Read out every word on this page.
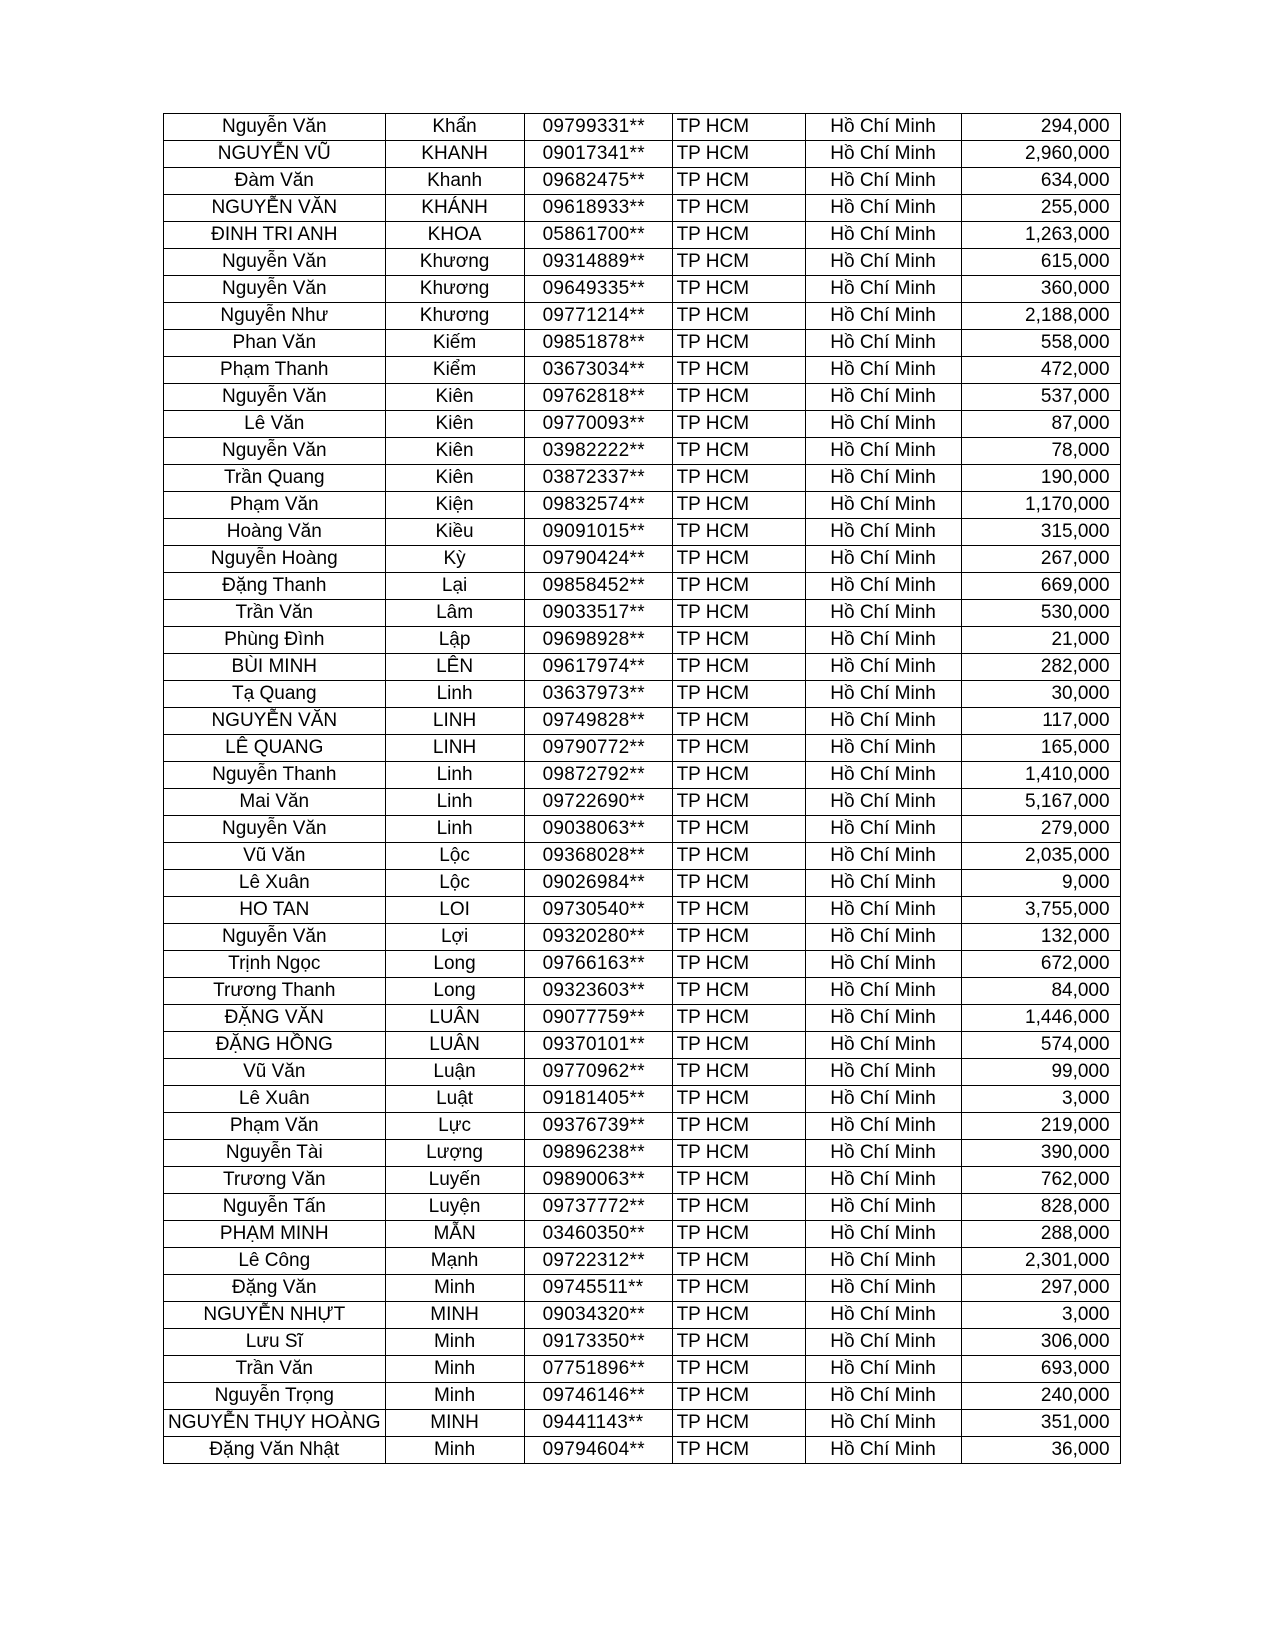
Nguyễn Văn	Khẩn	09799331**	TP HCM	Hồ Chí Minh	294,000
NGUYỄN VŨ	KHANH	09017341**	TP HCM	Hồ Chí Minh	2,960,000
Đàm Văn	Khanh	09682475**	TP HCM	Hồ Chí Minh	634,000
NGUYỄN VĂN	KHÁNH	09618933**	TP HCM	Hồ Chí Minh	255,000
ĐINH TRI ANH	KHOA	05861700**	TP HCM	Hồ Chí Minh	1,263,000
Nguyễn Văn	Khương	09314889**	TP HCM	Hồ Chí Minh	615,000
Nguyễn Văn	Khương	09649335**	TP HCM	Hồ Chí Minh	360,000
Nguyễn Như	Khương	09771214**	TP HCM	Hồ Chí Minh	2,188,000
Phan Văn	Kiếm	09851878**	TP HCM	Hồ Chí Minh	558,000
Phạm Thanh	Kiểm	03673034**	TP HCM	Hồ Chí Minh	472,000
Nguyễn Văn	Kiên	09762818**	TP HCM	Hồ Chí Minh	537,000
Lê Văn	Kiên	09770093**	TP HCM	Hồ Chí Minh	87,000
Nguyễn Văn	Kiên	03982222**	TP HCM	Hồ Chí Minh	78,000
Trần Quang	Kiên	03872337**	TP HCM	Hồ Chí Minh	190,000
Phạm Văn	Kiện	09832574**	TP HCM	Hồ Chí Minh	1,170,000
Hoàng Văn	Kiều	09091015**	TP HCM	Hồ Chí Minh	315,000
Nguyễn Hoàng	Kỳ	09790424**	TP HCM	Hồ Chí Minh	267,000
Đặng Thanh	Lại	09858452**	TP HCM	Hồ Chí Minh	669,000
Trần Văn	Lâm	09033517**	TP HCM	Hồ Chí Minh	530,000
Phùng Đình	Lập	09698928**	TP HCM	Hồ Chí Minh	21,000
BÙI MINH	LÊN	09617974**	TP HCM	Hồ Chí Minh	282,000
Tạ Quang	Linh	03637973**	TP HCM	Hồ Chí Minh	30,000
NGUYỄN VĂN	LINH	09749828**	TP HCM	Hồ Chí Minh	117,000
LÊ QUANG	LINH	09790772**	TP HCM	Hồ Chí Minh	165,000
Nguyễn Thanh	Linh	09872792**	TP HCM	Hồ Chí Minh	1,410,000
Mai Văn	Linh	09722690**	TP HCM	Hồ Chí Minh	5,167,000
Nguyễn Văn	Linh	09038063**	TP HCM	Hồ Chí Minh	279,000
Vũ Văn	Lộc	09368028**	TP HCM	Hồ Chí Minh	2,035,000
Lê Xuân	Lộc	09026984**	TP HCM	Hồ Chí Minh	9,000
HO TAN	LOI	09730540**	TP HCM	Hồ Chí Minh	3,755,000
Nguyễn Văn	Lợi	09320280**	TP HCM	Hồ Chí Minh	132,000
Trịnh Ngọc	Long	09766163**	TP HCM	Hồ Chí Minh	672,000
Trương Thanh	Long	09323603**	TP HCM	Hồ Chí Minh	84,000
ĐẶNG VĂN	LUÂN	09077759**	TP HCM	Hồ Chí Minh	1,446,000
ĐẶNG HỒNG	LUÂN	09370101**	TP HCM	Hồ Chí Minh	574,000
Vũ Văn	Luận	09770962**	TP HCM	Hồ Chí Minh	99,000
Lê Xuân	Luật	09181405**	TP HCM	Hồ Chí Minh	3,000
Phạm Văn	Lực	09376739**	TP HCM	Hồ Chí Minh	219,000
Nguyễn Tài	Lượng	09896238**	TP HCM	Hồ Chí Minh	390,000
Trương Văn	Luyến	09890063**	TP HCM	Hồ Chí Minh	762,000
Nguyễn Tấn	Luyện	09737772**	TP HCM	Hồ Chí Minh	828,000
PHẠM MINH	MẪN	03460350**	TP HCM	Hồ Chí Minh	288,000
Lê Công	Mạnh	09722312**	TP HCM	Hồ Chí Minh	2,301,000
Đặng Văn	Minh	09745511**	TP HCM	Hồ Chí Minh	297,000
NGUYỄN NHỰT	MINH	09034320**	TP HCM	Hồ Chí Minh	3,000
Lưu Sĩ	Minh	09173350**	TP HCM	Hồ Chí Minh	306,000
Trần Văn	Minh	07751896**	TP HCM	Hồ Chí Minh	693,000
Nguyễn Trọng	Minh	09746146**	TP HCM	Hồ Chí Minh	240,000
NGUYỄN THỤY HOÀNG	MINH	09441143**	TP HCM	Hồ Chí Minh	351,000
Đặng Văn Nhật	Minh	09794604**	TP HCM	Hồ Chí Minh	36,000
